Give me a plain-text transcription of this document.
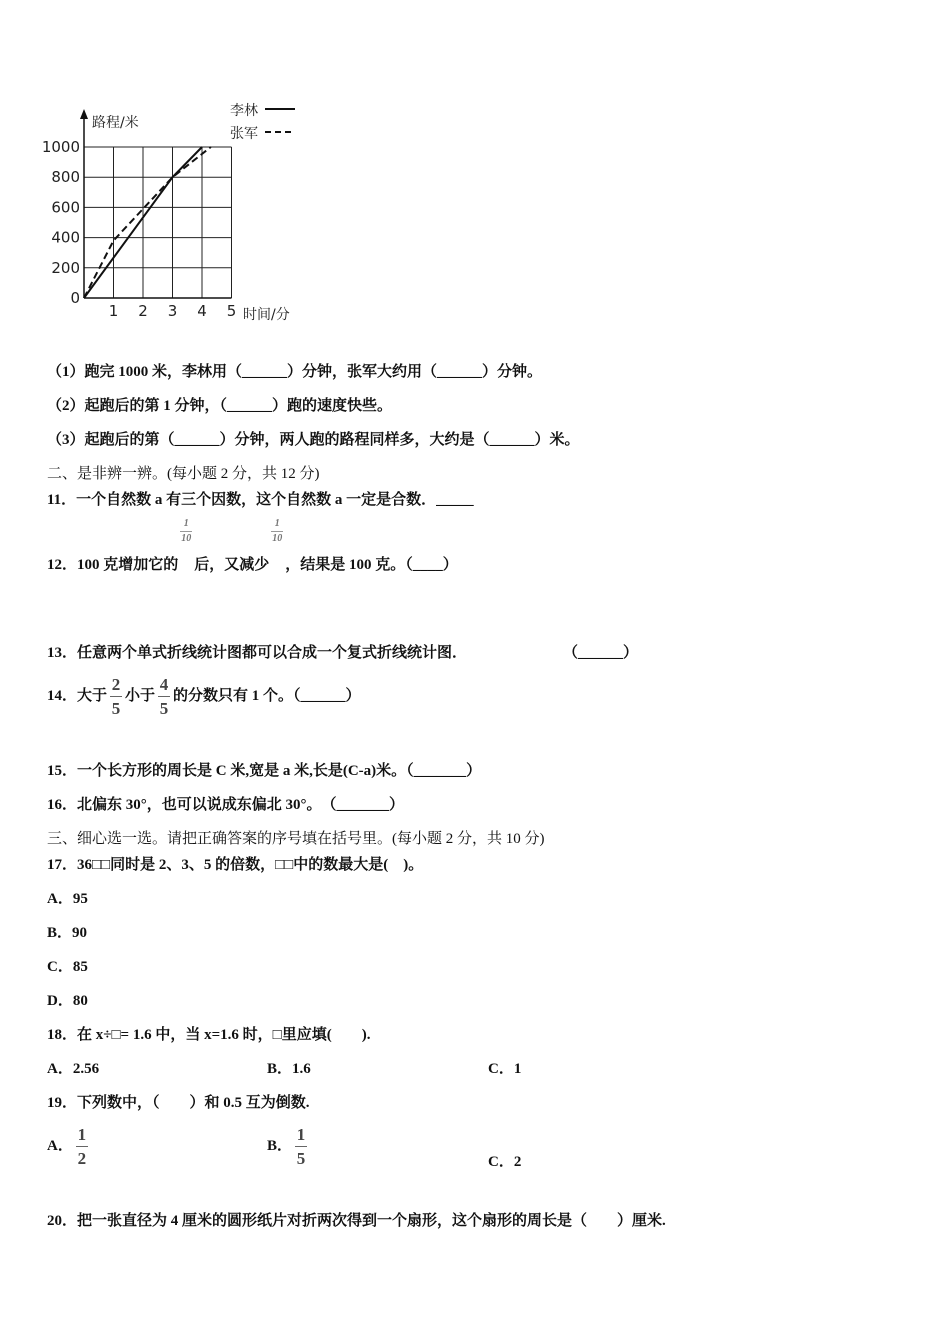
0
200
400
600
800
1000
1 2 3 4 5
路程/米
时间/分
李林
张军
（1）跑完 1000 米，李林用（______）分钟，张军大约用（______）分钟。
（2）起跑后的第 1 分钟，（______）跑的速度快些。
（3）起跑后的第（______）分钟，两人跑的路程同样多，大约是（______）米。
二、是非辨一辨。(每小题 2 分，共 12 分)
11．一个自然数 a 有三个因数，这个自然数 a 一定是合数．_____
12．100 克增加它的
$\frac{1}{10}$
后，又减少
$\frac{1}{10}$
，结果是 100 克。（____）
13．任意两个单式折线统计图都可以合成一个复式折线统计图．	（______）
14．大于 $\frac{2}{5}$ 小于 $\frac{4}{5}$ 的分数只有 1 个。（______）
15．一个长方形的周长是 C 米,宽是 a 米,长是(C-a)米。（_______）
16．北偏东 30°，也可以说成东偏北 30°。　（_______）
三、细心选一选。请把正确答案的序号填在括号里。(每小题 2 分，共 10 分)
17．36□□同时是 2、3、5 的倍数，□□中的数最大是(　)。
A．95
B．90
C．85
D．80
18．在 x÷□= 1.6 中，当 x=1.6 时，□里应填(　　).
A．2.56	B．1.6	C．1
19．下列数中，（　　）和 0.5 互为倒数.
A． $\frac{1}{2}$	B． $\frac{1}{5}$	C．2
20．把一张直径为 4 厘米的圆形纸片对折两次得到一个扇形，这个扇形的周长是（　　）厘米.
